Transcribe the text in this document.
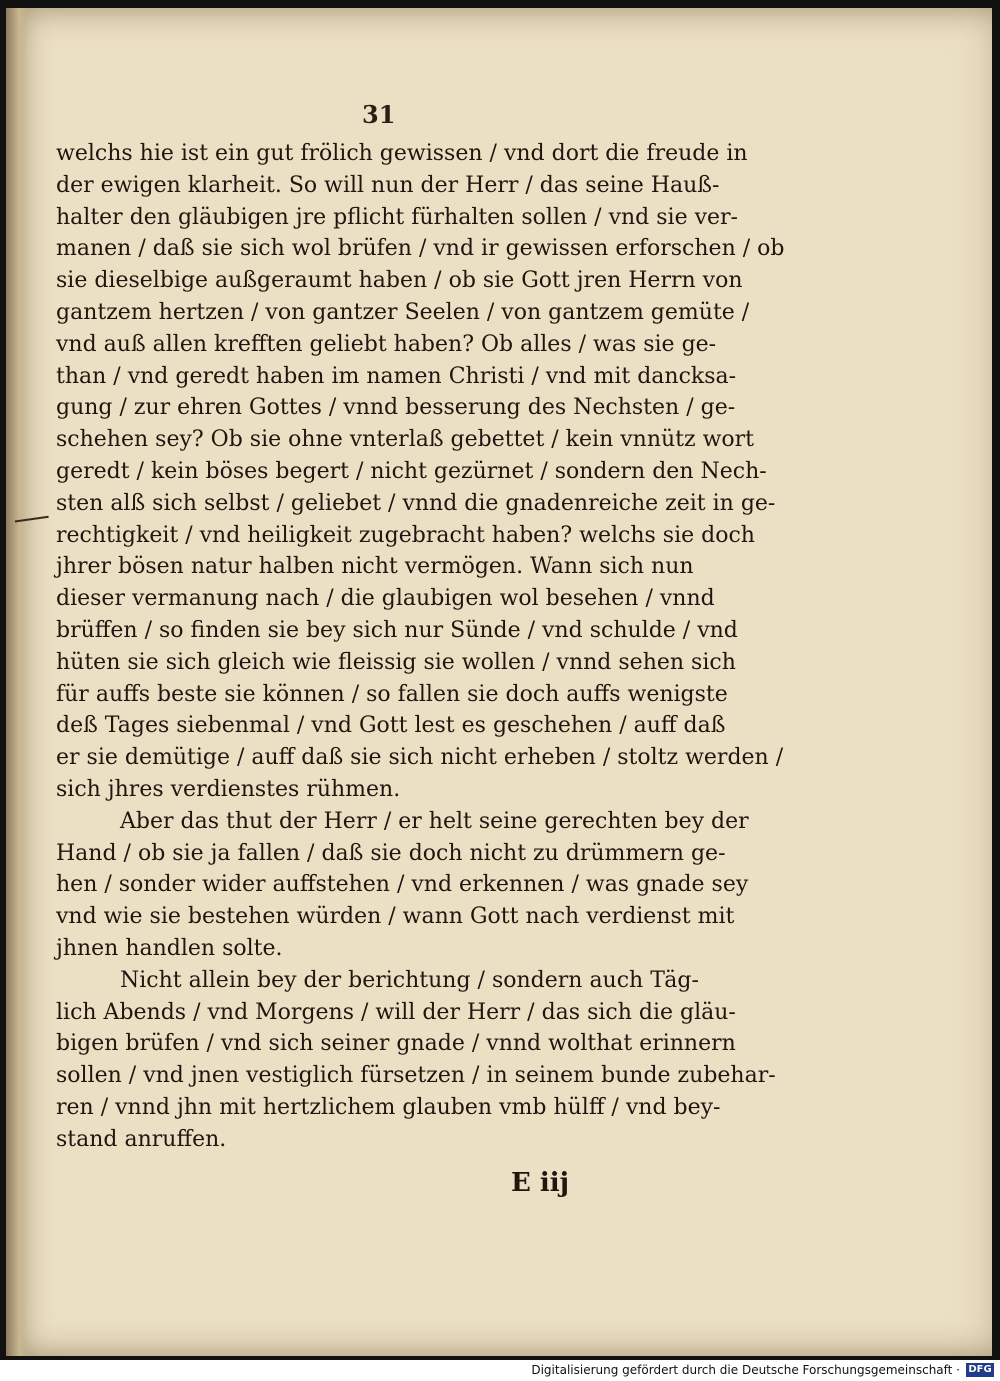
31
welchs hie ist ein gut frölich gewissen / vnd dort die freude in
der ewigen klarheit. So will nun der Herr / das seine Hauß-
halter den gläubigen jre pflicht fürhalten sollen / vnd sie ver-
manen / daß sie sich wol brüfen / vnd ir gewissen erforschen / ob
sie dieselbige außgeraumt haben / ob sie Gott jren Herrn von
gantzem hertzen / von gantzer Seelen / von gantzem gemüte /
vnd auß allen krefften geliebt haben? Ob alles / was sie ge-
than / vnd geredt haben im namen Christi / vnd mit dancksa-
gung / zur ehren Gottes / vnnd besserung des Nechsten / ge-
schehen sey? Ob sie ohne vnterlaß gebettet / kein vnnütz wort
geredt / kein böses begert / nicht gezürnet / sondern den Nech-
sten alß sich selbst / geliebet / vnnd die gnadenreiche zeit in ge-
rechtigkeit / vnd heiligkeit zugebracht haben? welchs sie doch
jhrer bösen natur halben nicht vermögen. Wann sich nun
dieser vermanung nach / die glaubigen wol besehen / vnnd
brüffen / so finden sie bey sich nur Sünde / vnd schulde / vnd
hüten sie sich gleich wie fleissig sie wollen / vnnd sehen sich
für auffs beste sie können / so fallen sie doch auffs wenigste
deß Tages siebenmal / vnd Gott lest es geschehen / auff daß
er sie demütige / auff daß sie sich nicht erheben / stoltz werden /
sich jhres verdienstes rühmen.
Aber das thut der Herr / er helt seine gerechten bey der
Hand / ob sie ja fallen / daß sie doch nicht zu drümmern ge-
hen / sonder wider auffstehen / vnd erkennen / was gnade sey
vnd wie sie bestehen würden / wann Gott nach verdienst mit
jhnen handlen solte.
Nicht allein bey der berichtung / sondern auch Täg-
lich Abends / vnd Morgens / will der Herr / das sich die gläu-
bigen brüfen / vnd sich seiner gnade / vnnd wolthat erinnern
sollen / vnd jnen vestiglich fürsetzen / in seinem bunde zubehar-
ren / vnnd jhn mit hertzlichem glauben vmb hülff / vnd bey-
stand anruffen.
E iij
Digitalisierung gefördert durch die Deutsche Forschungsgemeinschaft · DFG
